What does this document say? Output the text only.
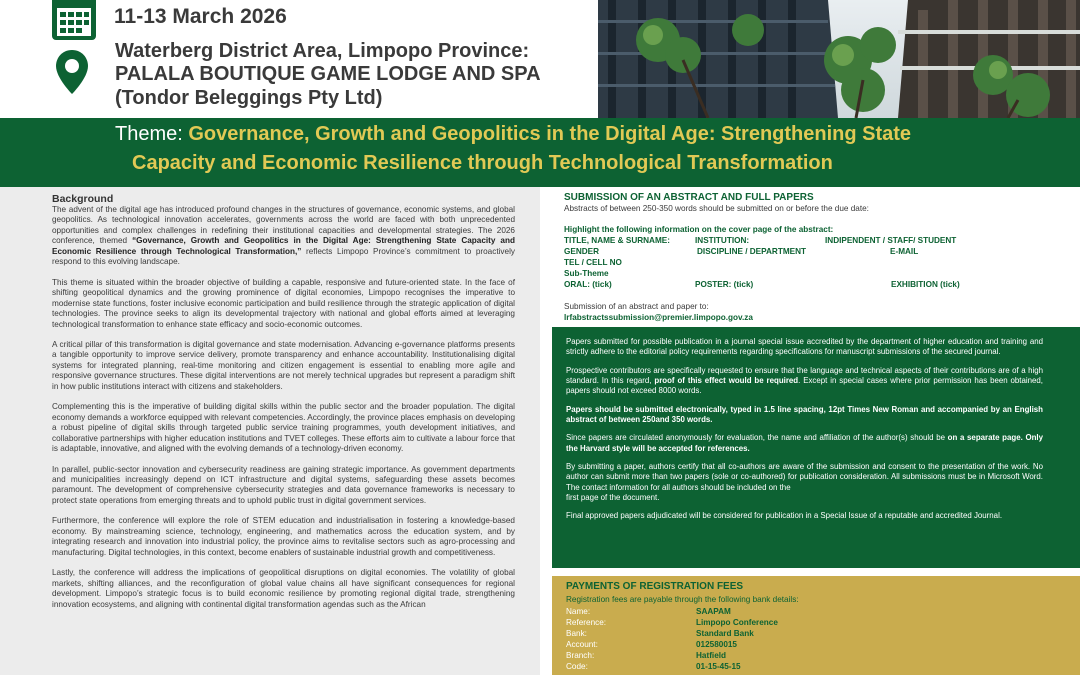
11-13 March 2026
Waterberg District Area, Limpopo Province:
PALALA BOUTIQUE GAME LODGE AND SPA
(Tondor Beleggings Pty Ltd)
Theme: Governance, Growth and Geopolitics in the Digital Age: Strengthening State
Capacity and Economic Resilience through Technological Transformation
Background

The advent of the digital age has introduced profound changes in the structures of governance, economic systems, and global geopolitics. As technological innovation accelerates, governments across the world are faced with both unprecedented opportunities and complex challenges in redefining their institutional capacities and developmental strategies. The 2026 conference, themed “Governance, Growth and Geopolitics in the Digital Age: Strengthening State Capacity and Economic Resilience through Technological Transformation,” reflects Limpopo Province’s commitment to proactively respond to this evolving landscape.

This theme is situated within the broader objective of building a capable, responsive and future-oriented state. In the face of shifting geopolitical dynamics and the growing prominence of digital economies, Limpopo recognises the imperative to modernise state functions, foster inclusive economic participation and build resilience through the strategic application of digital technologies. The province seeks to align its developmental trajectory with national and global efforts aimed at leveraging technological transformation to enhance state efficacy and socio-economic outcomes.

A critical pillar of this transformation is digital governance and state modernisation. Advancing e-governance platforms presents a tangible opportunity to improve service delivery, promote transparency and enhance accountability. Institutionalising digital systems for integrated planning, real-time monitoring and citizen engagement is essential to enabling more agile and responsive governance structures. These digital interventions are not merely technical upgrades but represent a paradigm shift in how public institutions interact with citizens and stakeholders.

Complementing this is the imperative of building digital skills within the public sector and the broader population. The digital economy demands a workforce equipped with relevant competencies. Accordingly, the province places emphasis on developing a robust pipeline of digital skills through targeted public service training programmes, youth development initiatives, and collaborative partnerships with higher education institutions and TVET colleges. These efforts aim to cultivate a labour force that is adaptable, innovative, and aligned with the evolving demands of a technology-driven economy.

In parallel, public-sector innovation and cybersecurity readiness are gaining strategic importance. As government departments and municipalities increasingly depend on ICT infrastructure and digital systems, safeguarding these assets becomes paramount. The development of comprehensive cybersecurity strategies and data governance frameworks is necessary to protect state operations from emerging threats and to uphold public trust in digital government services.

Furthermore, the conference will explore the role of STEM education and industrialisation in fostering a knowledge-based economy. By mainstreaming science, technology, engineering, and mathematics across the education system, and by integrating research and innovation into industrial policy, the province aims to revitalise sectors such as agro-processing and manufacturing. Digital technologies, in this context, become enablers of sustainable industrial growth and competitiveness.

Lastly, the conference will address the implications of geopolitical disruptions on digital economies. The volatility of global markets, shifting alliances, and the reconfiguration of global value chains all have significant consequences for regional development. Limpopo’s strategic focus is to build economic resilience by promoting regional digital trade, strengthening innovation ecosystems, and aligning with continental digital transformation agendas such as the African

SUBMISSION OF AN ABSTRACT AND FULL PAPERS
Abstracts of between 250-350 words should be submitted on or before the due date:
Highlight the following information on the cover page of the abstract:
TITLE, NAME & SURNAME:	INSTITUTION:	INDIPENDENT / STAFF/ STUDENT
GENDER	DISCIPLINE / DEPARTMENT	E-MAIL
TEL / CELL NO
Sub-Theme
ORAL: (tick)	POSTER: (tick)	EXHIBITION (tick)
Submission of an abstract and paper to:
lrfabstractssubmission@premier.limpopo.gov.za

Papers submitted for possible publication in a journal special issue accredited by the department of higher education and training and strictly adhere to the editorial policy requirements regarding specifications for manuscript submissions of the secured journal.

Prospective contributors are specifically requested to ensure that the language and technical aspects of their contributions are of a high standard. In this regard, proof of this effect would be required. Except in special cases where prior permission has been obtained, papers should not exceed 8000 words.

Papers should be submitted electronically, typed in 1.5 line spacing, 12pt Times New Roman and accompanied by an English abstract of between 250and 350 words.

Since papers are circulated anonymously for evaluation, the name and affiliation of the author(s) should be on a separate page. Only the Harvard style will be accepted for references.

By submitting a paper, authors certify that all co-authors are aware of the submission and consent to the presentation of the work. No author can submit more than two papers (sole or co-authored) for publication consideration. All submissions must be in Microsoft Word. The contact information for all authors should be included on the
first page of the document.

Final approved papers adjudicated will be considered for publication in a Special Issue of a reputable and accredited Journal.

PAYMENTS OF REGISTRATION FEES
Registration fees are payable through the following bank details:
Name:	SAAPAM
Reference:	Limpopo Conference
Bank:	Standard Bank
Account:	012580015
Branch:	Hatfield
Code:	01-15-45-15
